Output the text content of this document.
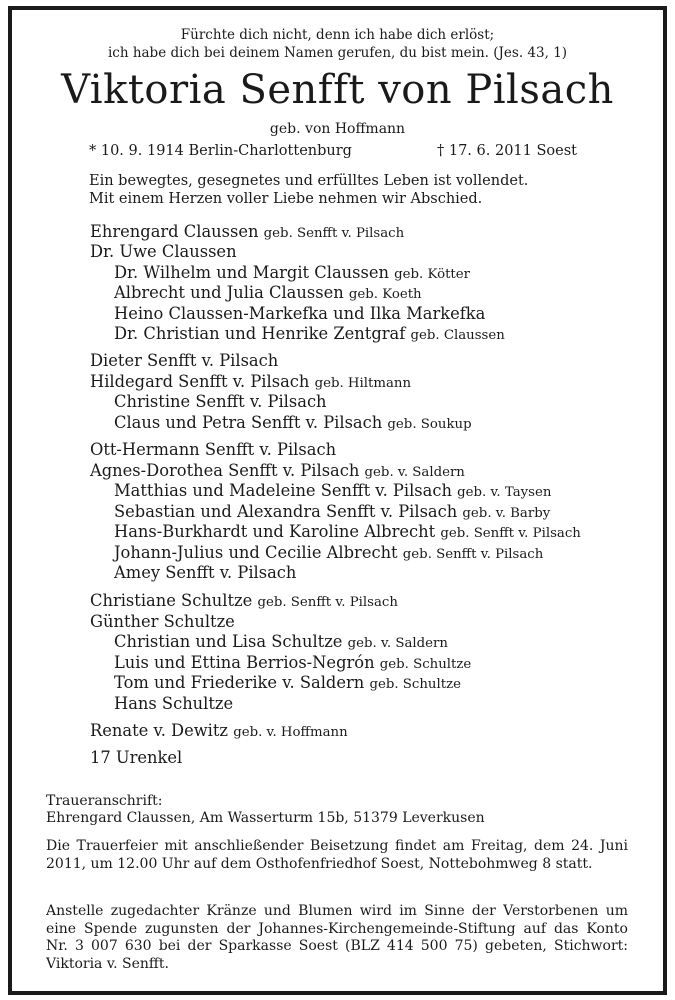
Fürchte dich nicht, denn ich habe dich erlöst;
ich habe dich bei deinem Namen gerufen, du bist mein. (Jes. 43, 1)
Viktoria Senfft von Pilsach
geb. von Hoffmann
* 10. 9. 1914 Berlin-Charlottenburg	† 17. 6. 2011 Soest
Ein bewegtes, gesegnetes und erfülltes Leben ist vollendet.
Mit einem Herzen voller Liebe nehmen wir Abschied.
Ehrengard Claussen geb. Senfft v. Pilsach
Dr. Uwe Claussen
Dr. Wilhelm und Margit Claussen geb. Kötter
Albrecht und Julia Claussen geb. Koeth
Heino Claussen-Markefka und Ilka Markefka
Dr. Christian und Henrike Zentgraf geb. Claussen
Dieter Senfft v. Pilsach
Hildegard Senfft v. Pilsach geb. Hiltmann
Christine Senfft v. Pilsach
Claus und Petra Senfft v. Pilsach geb. Soukup
Ott-Hermann Senfft v. Pilsach
Agnes-Dorothea Senfft v. Pilsach geb. v. Saldern
Matthias und Madeleine Senfft v. Pilsach geb. v. Taysen
Sebastian und Alexandra Senfft v. Pilsach geb. v. Barby
Hans-Burkhardt und Karoline Albrecht geb. Senfft v. Pilsach
Johann-Julius und Cecilie Albrecht geb. Senfft v. Pilsach
Amey Senfft v. Pilsach
Christiane Schultze geb. Senfft v. Pilsach
Günther Schultze
Christian und Lisa Schultze geb. v. Saldern
Luis und Ettina Berrios-Negrón geb. Schultze
Tom und Friederike v. Saldern geb. Schultze
Hans Schultze
Renate v. Dewitz geb. v. Hoffmann
17 Urenkel
Traueranschrift:
Ehrengard Claussen, Am Wasserturm 15b, 51379 Leverkusen
Die Trauerfeier mit anschließender Beisetzung findet am Freitag, dem 24. Juni 2011, um 12.00 Uhr auf dem Osthofenfriedhof Soest, Nottebohmweg 8 statt.
Anstelle zugedachter Kränze und Blumen wird im Sinne der Verstorbenen um eine Spende zugunsten der Johannes-Kirchengemeinde-Stiftung auf das Konto Nr. 3 007 630 bei der Sparkasse Soest (BLZ 414 500 75) gebeten, Stichwort: Viktoria v. Senfft.
